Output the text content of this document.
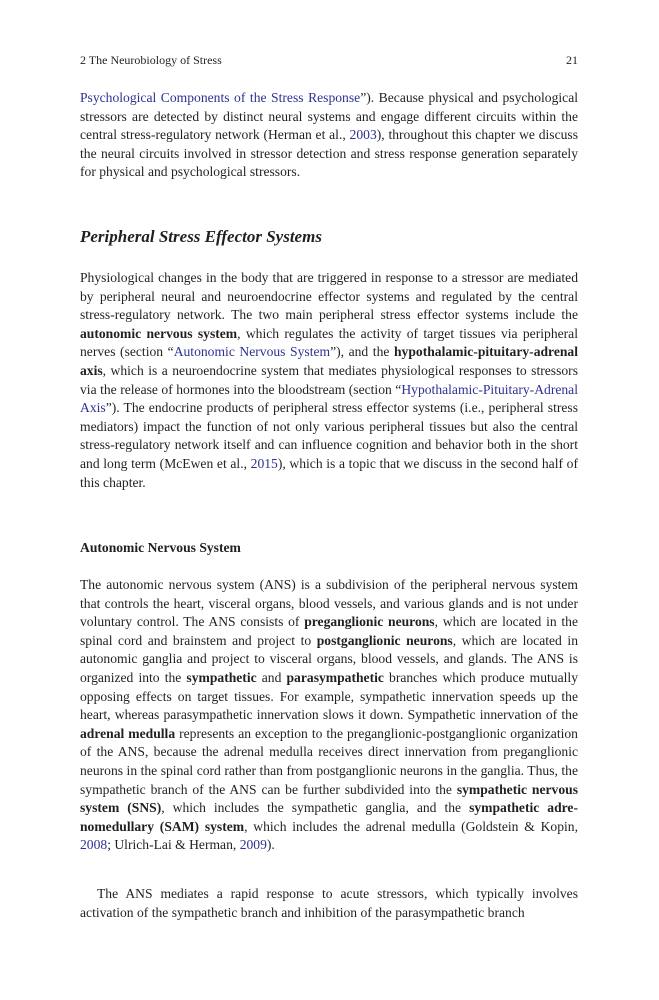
2 The Neurobiology of Stress	21

Psychological Components of the Stress Response”). Because physical and psychological stressors are detected by distinct neural systems and engage different circuits within the central stress-regulatory network (Herman et al., 2003), throughout this chapter we discuss the neural circuits involved in stressor detection and stress response generation separately for physical and psychological stressors.

Peripheral Stress Effector Systems

Physiological changes in the body that are triggered in response to a stressor are mediated by peripheral neural and neuroendocrine effector systems and regulated by the central stress-regulatory network. The two main peripheral stress effector systems include the autonomic nervous system, which regulates the activity of target tissues via peripheral nerves (section “Autonomic Nervous System”), and the hypothalamic-pituitary-adrenal axis, which is a neuroendocrine system that mediates physiological responses to stressors via the release of hormones into the bloodstream (section “Hypothalamic-Pituitary-Adrenal Axis”). The endocrine products of peripheral stress effector systems (i.e., peripheral stress mediators) impact the function of not only various peripheral tissues but also the central stress-regulatory network itself and can influence cognition and behavior both in the short and long term (McEwen et al., 2015), which is a topic that we discuss in the second half of this chapter.

Autonomic Nervous System

The autonomic nervous system (ANS) is a subdivision of the peripheral nervous system that controls the heart, visceral organs, blood vessels, and various glands and is not under voluntary control. The ANS consists of preganglionic neurons, which are located in the spinal cord and brainstem and project to postganglionic neurons, which are located in autonomic ganglia and project to visceral organs, blood vessels, and glands. The ANS is organized into the sympathetic and parasympathetic branches which produce mutually opposing effects on target tissues. For example, sympathetic innervation speeds up the heart, whereas parasympathetic innervation slows it down. Sympathetic innervation of the adrenal medulla represents an exception to the preganglionic-postganglionic organization of the ANS, because the adrenal medulla receives direct innervation from preganglionic neurons in the spinal cord rather than from postganglionic neurons in the ganglia. Thus, the sympathetic branch of the ANS can be further subdivided into the sympathetic nervous system (SNS), which includes the sympathetic ganglia, and the sympathetic adrenomedullary (SAM) system, which includes the adrenal medulla (Goldstein & Kopin, 2008; Ulrich-Lai & Herman, 2009).

The ANS mediates a rapid response to acute stressors, which typically involves activation of the sympathetic branch and inhibition of the parasympathetic branch
